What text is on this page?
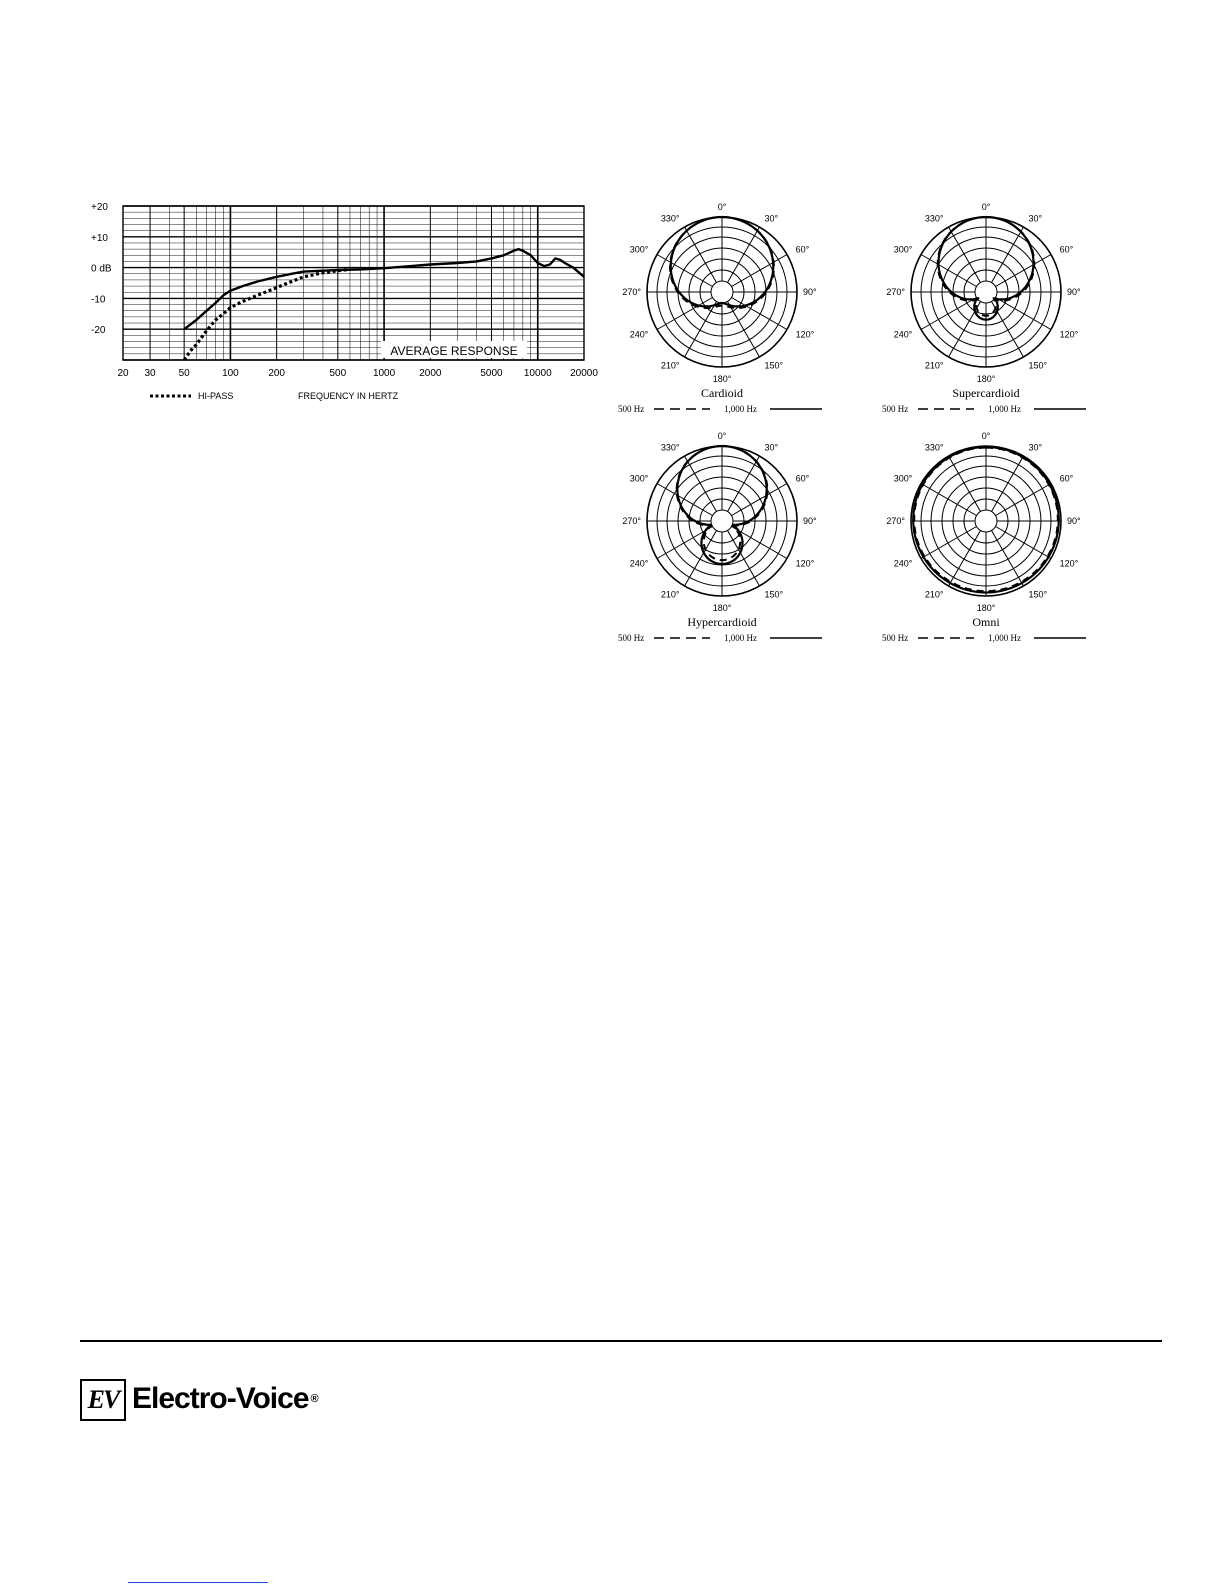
+20
+10
0 dB
-10
-20
20 30 50	100	200	500	1000 2000	5000 10000 20000
AVERAGE RESPONSE
HI-PASS	FREQUENCY IN HERTZ
0°
30°
60°
90°
120°
150°
180°
210°
240°
270°
300°
330°
Cardioid
500 Hz	1,000 Hz
0°
30°
60°
90°
120°
150°
180°
210°
240°
270°
300°
330°
Supercardioid
500 Hz	1,000 Hz
0°
30°
60°
90°
120°
150°
180°
210°
240°
270°
300°
330°
Hypercardioid
500 Hz	1,000 Hz
0°
30°
60°
90°
120°
150°
180°
210°
240°
270°
300°
330°
Omni
500 Hz	1,000 Hz
EV Electro-Voice ®
